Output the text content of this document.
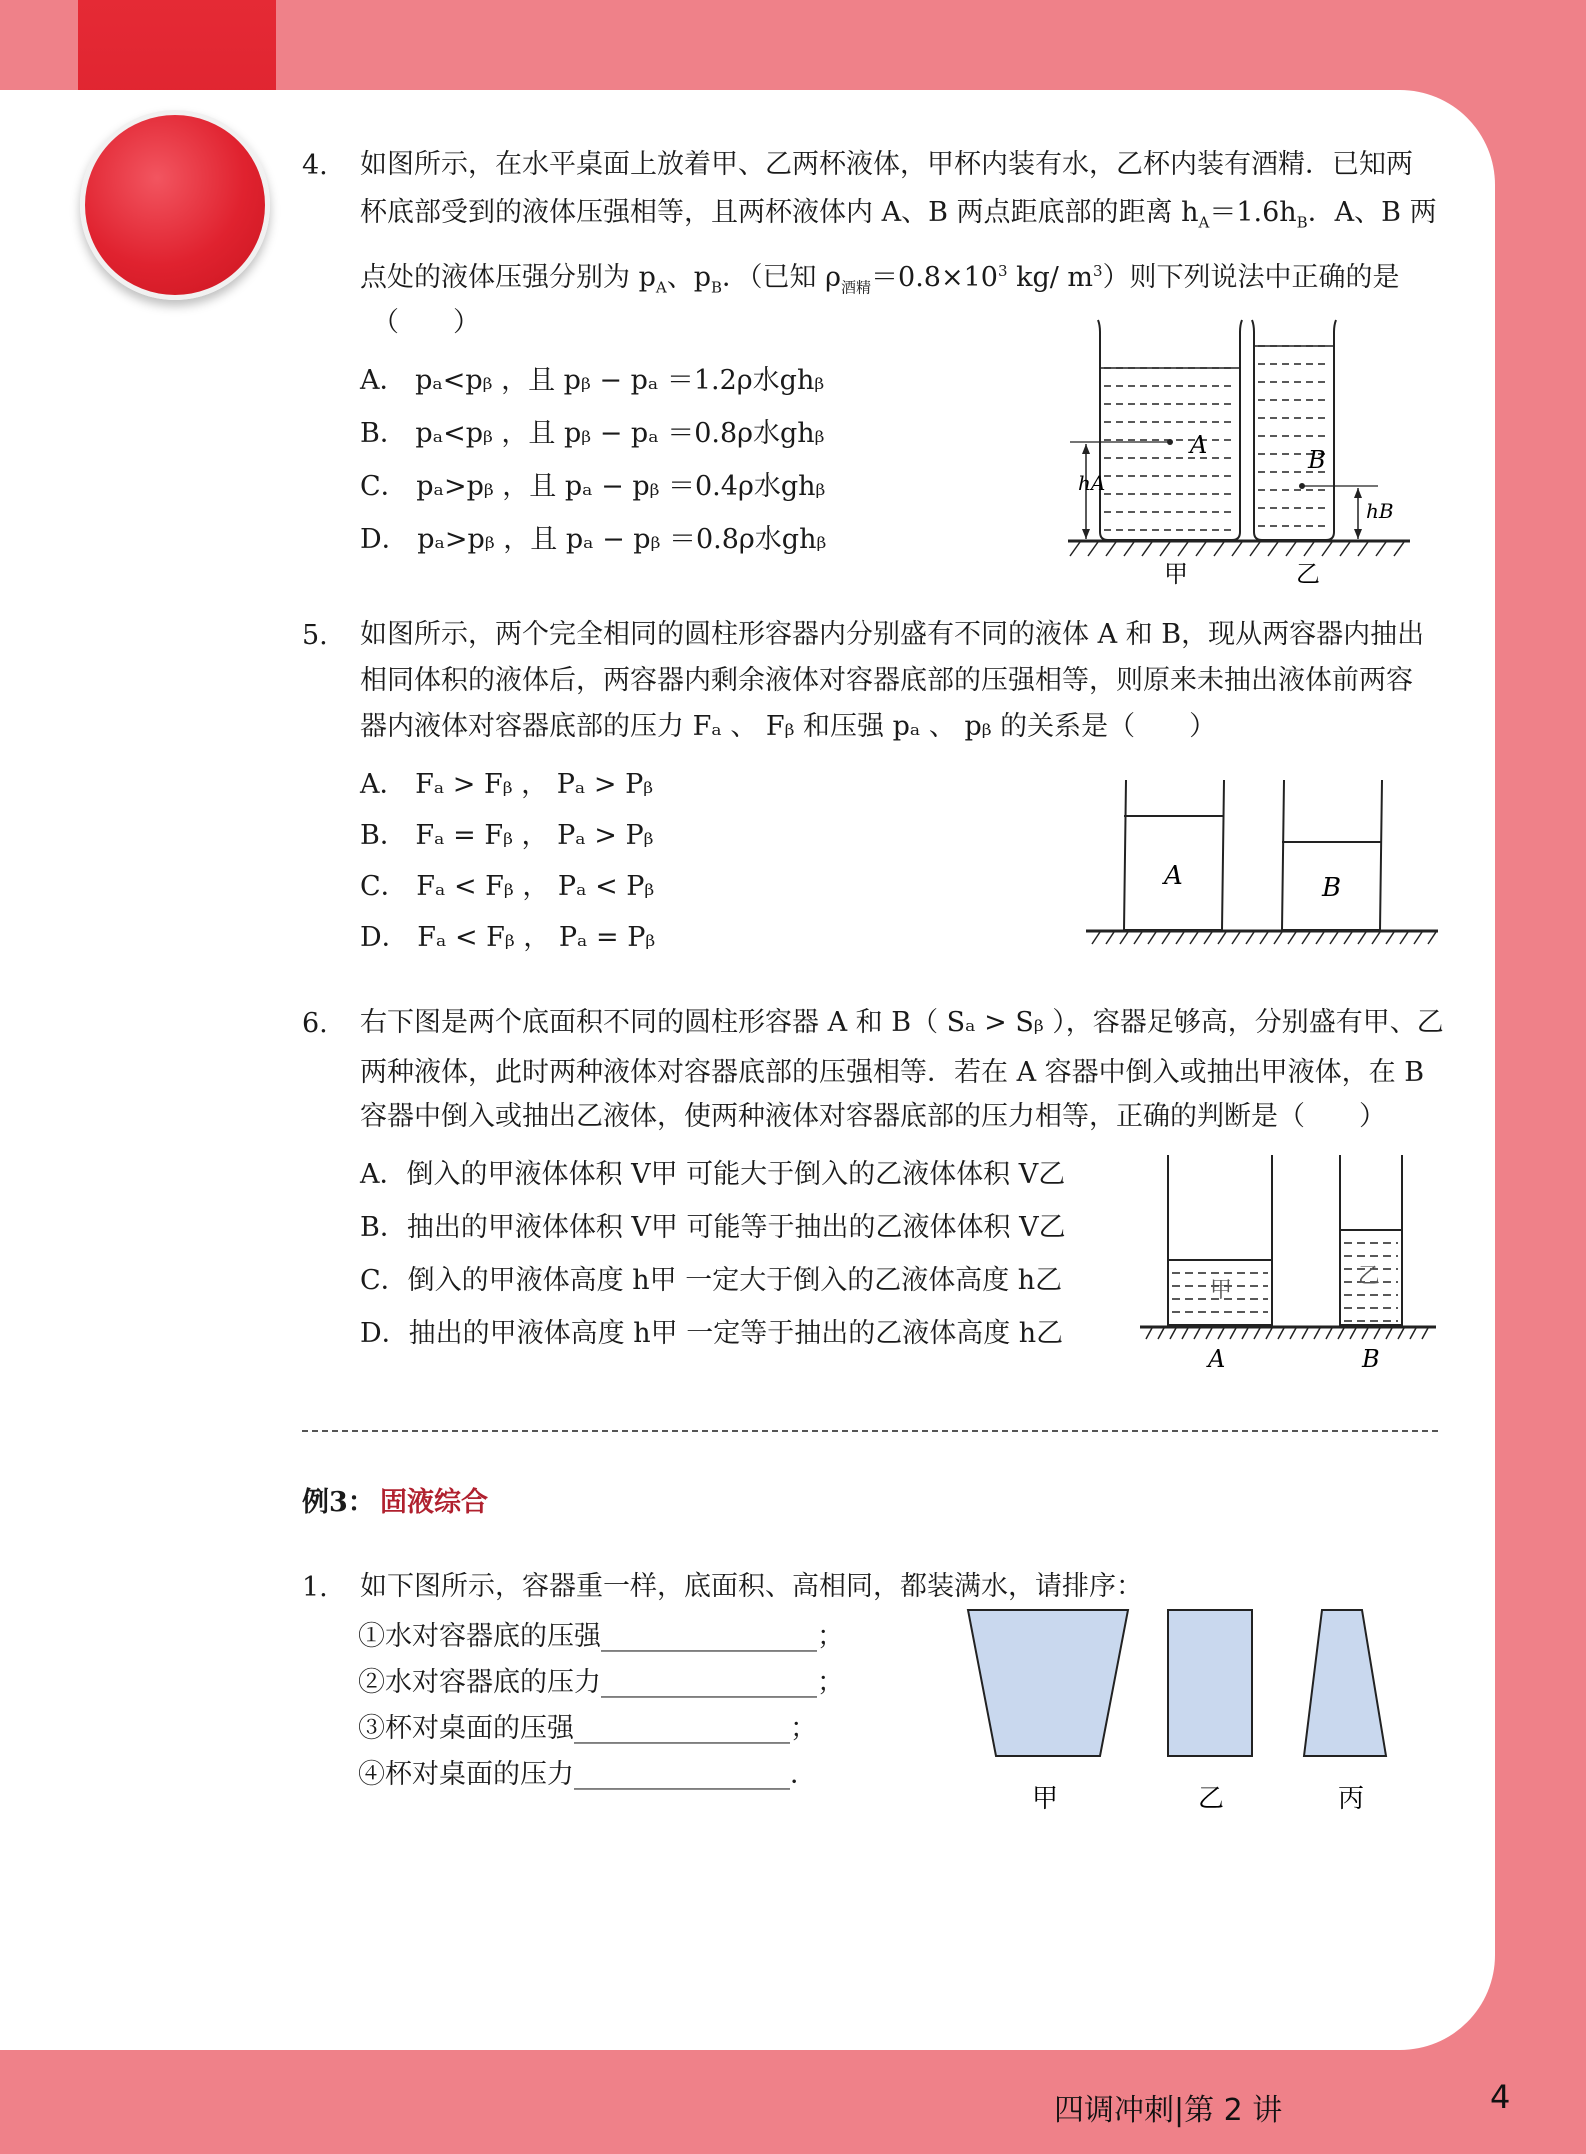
4. 如图所示，在水平桌面上放着甲、乙两杯液体，甲杯内装有水，乙杯内装有酒精．已知两
杯底部受到的液体压强相等，且两杯液体内 A、B 两点距底部的距离 $h_A=1.6h_B$．A、B 两
点处的液体压强分别为 $p_A$、$p_B$．（已知 $\rho_{酒精}=0.8\times 10^3$ kg/ $m^3$）则下列说法中正确的是
（　　）
A． pₐ<pᵦ ，且 pᵦ − pₐ ＝1.2ρ水ghᵦ
B． pₐ<pᵦ ，且 pᵦ − pₐ ＝0.8ρ水ghᵦ
C． pₐ>pᵦ ，且 pₐ − pᵦ ＝0.4ρ水ghᵦ
D． pₐ>pᵦ ，且 pₐ − pᵦ ＝0.8ρ水ghᵦ
A
B
hA
hB
甲	乙
5. 如图所示，两个完全相同的圆柱形容器内分别盛有不同的液体 A 和 B，现从两容器内抽出
相同体积的液体后，两容器内剩余液体对容器底部的压强相等，则原来未抽出液体前两容
器内液体对容器底部的压力 Fₐ 、 Fᵦ 和压强 pₐ 、 pᵦ 的关系是（　　）
A． Fₐ > Fᵦ ， Pₐ > Pᵦ
B． Fₐ = Fᵦ ， Pₐ > Pᵦ
C． Fₐ < Fᵦ ， Pₐ < Pᵦ
D． Fₐ < Fᵦ ， Pₐ = Pᵦ
A	B
6. 右下图是两个底面积不同的圆柱形容器 A 和 B（ Sₐ > Sᵦ ），容器足够高，分别盛有甲、乙
两种液体，此时两种液体对容器底部的压强相等．若在 A 容器中倒入或抽出甲液体，在 B
容器中倒入或抽出乙液体，使两种液体对容器底部的压力相等，正确的判断是（　　）
A．倒入的甲液体体积 V甲 可能大于倒入的乙液体体积 V乙
B．抽出的甲液体体积 V甲 可能等于抽出的乙液体体积 V乙
C．倒入的甲液体高度 h甲 一定大于倒入的乙液体高度 h乙
D．抽出的甲液体高度 h甲 一定等于抽出的乙液体高度 h乙
甲
乙
A	B
例3： 固液综合
1. 如下图所示，容器重一样，底面积、高相同，都装满水，请排序：
①水对容器底的压强________________；
②水对容器底的压力________________；
③杯对桌面的压强________________；
④杯对桌面的压力________________．
甲	乙	丙
四调冲刺|第 2 讲	4
